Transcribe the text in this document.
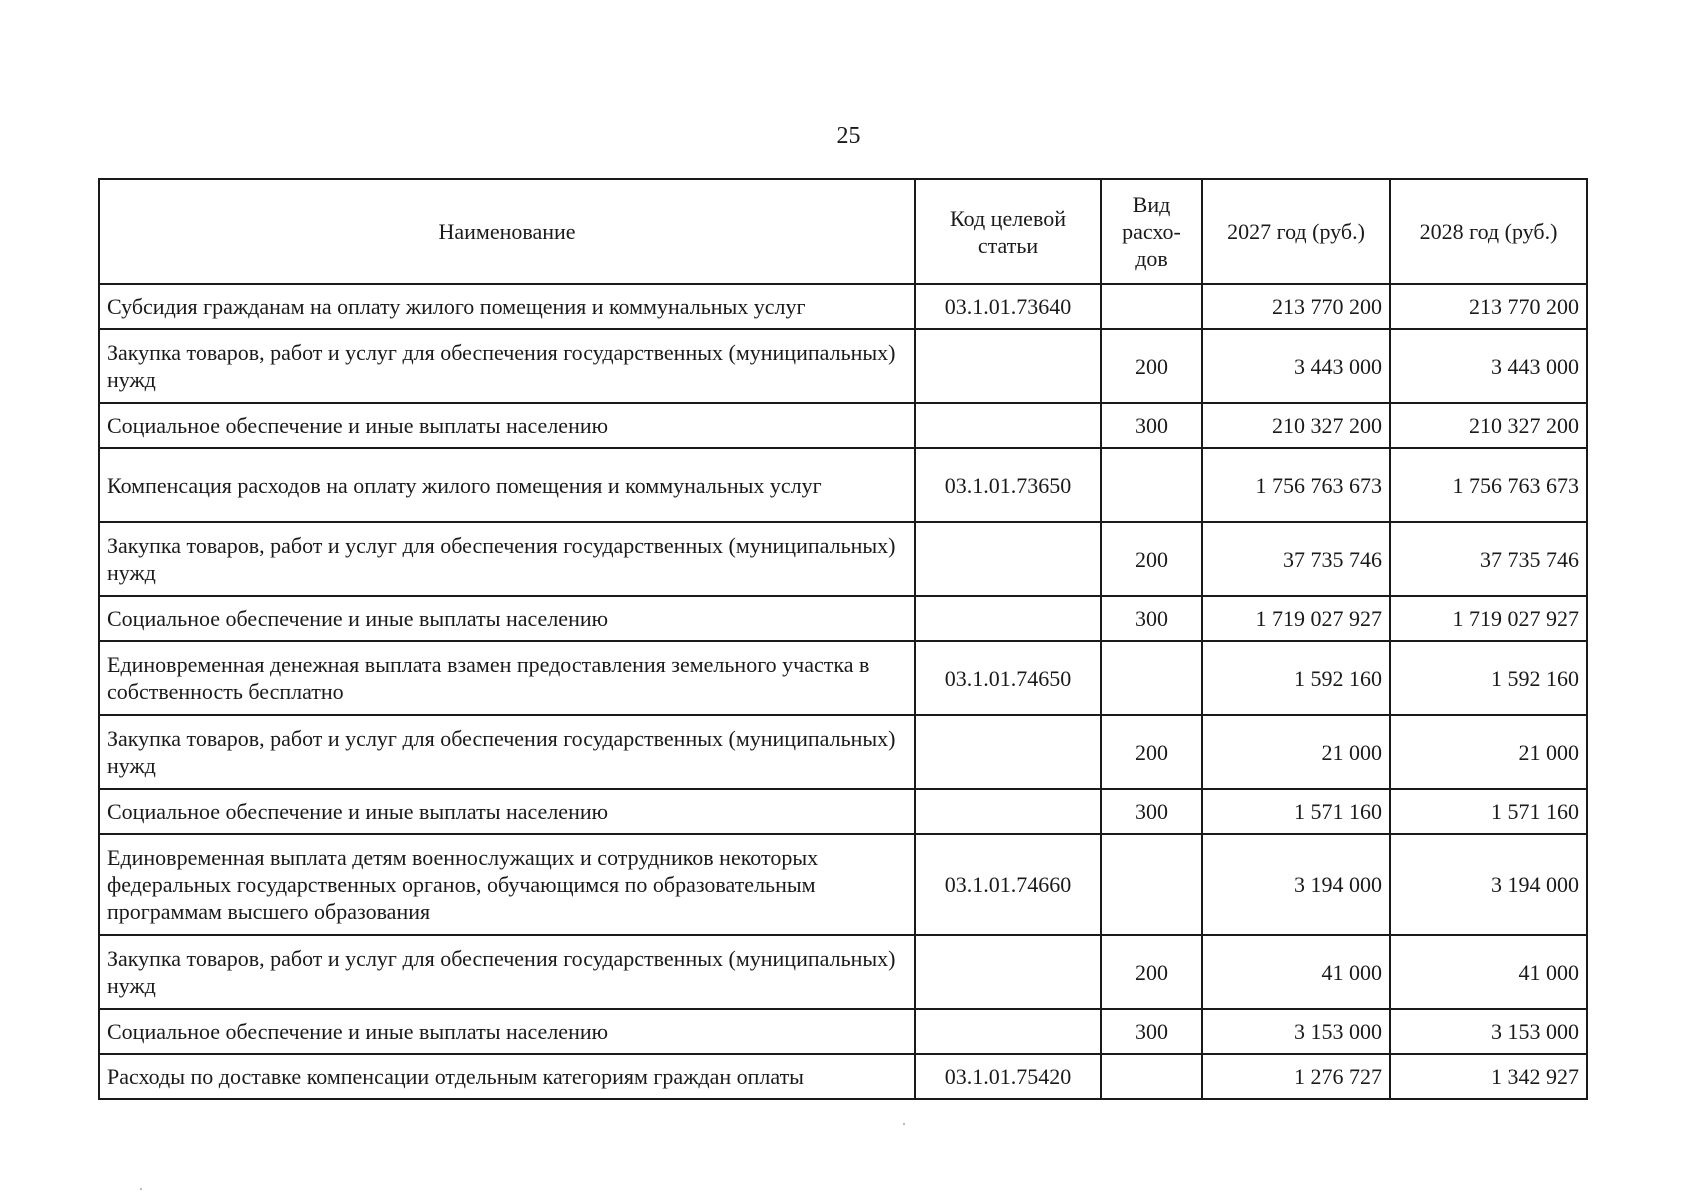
25
Наименование	Код целевой статьи	Вид расхо-дов	2027 год (руб.)	2028 год (руб.)
Субсидия гражданам на оплату жилого помещения и коммунальных услуг	03.1.01.73640		213 770 200	213 770 200
Закупка товаров, работ и услуг для обеспечения государственных (муниципальных) нужд		200	3 443 000	3 443 000
Социальное обеспечение и иные выплаты населению		300	210 327 200	210 327 200
Компенсация расходов на оплату жилого помещения и коммунальных услуг	03.1.01.73650		1 756 763 673	1 756 763 673
Закупка товаров, работ и услуг для обеспечения государственных (муниципальных) нужд		200	37 735 746	37 735 746
Социальное обеспечение и иные выплаты населению		300	1 719 027 927	1 719 027 927
Единовременная денежная выплата взамен предоставления земельного участка в собственность бесплатно	03.1.01.74650		1 592 160	1 592 160
Закупка товаров, работ и услуг для обеспечения государственных (муниципальных) нужд		200	21 000	21 000
Социальное обеспечение и иные выплаты населению		300	1 571 160	1 571 160
Единовременная выплата детям военнослужащих и сотрудников некоторых федеральных государственных органов, обучающимся по образовательным программам высшего образования	03.1.01.74660		3 194 000	3 194 000
Закупка товаров, работ и услуг для обеспечения государственных (муниципальных) нужд		200	41 000	41 000
Социальное обеспечение и иные выплаты населению		300	3 153 000	3 153 000
Расходы по доставке компенсации отдельным категориям граждан оплаты	03.1.01.75420		1 276 727	1 342 927
